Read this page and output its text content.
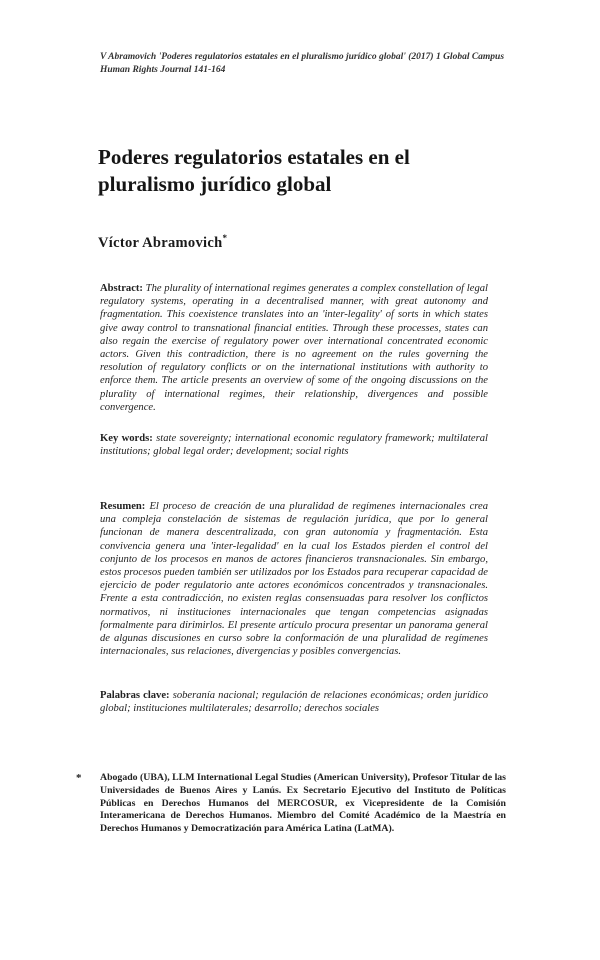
V Abramovich 'Poderes regulatorios estatales en el pluralismo jurídico global' (2017) 1 Global Campus Human Rights Journal 141-164
Poderes regulatorios estatales en el pluralismo jurídico global
Víctor Abramovich*
Abstract: The plurality of international regimes generates a complex constellation of legal regulatory systems, operating in a decentralised manner, with great autonomy and fragmentation. This coexistence translates into an 'inter-legality' of sorts in which states give away control to transnational financial entities. Through these processes, states can also regain the exercise of regulatory power over international concentrated economic actors. Given this contradiction, there is no agreement on the rules governing the resolution of regulatory conflicts or on the international institutions with authority to enforce them. The article presents an overview of some of the ongoing discussions on the plurality of international regimes, their relationship, divergences and possible convergence.
Key words: state sovereignty; international economic regulatory framework; multilateral institutions; global legal order; development; social rights
Resumen: El proceso de creación de una pluralidad de regímenes internacionales crea una compleja constelación de sistemas de regulación jurídica, que por lo general funcionan de manera descentralizada, con gran autonomía y fragmentación. Esta convivencia genera una 'inter-legalidad' en la cual los Estados pierden el control del conjunto de los procesos en manos de actores financieros transnacionales. Sin embargo, estos procesos pueden también ser utilizados por los Estados para recuperar capacidad de ejercicio de poder regulatorio ante actores económicos concentrados y transnacionales. Frente a esta contradicción, no existen reglas consensuadas para resolver los conflictos normativos, ni instituciones internacionales que tengan competencias asignadas formalmente para dirimirlos. El presente artículo procura presentar un panorama general de algunas discusiones en curso sobre la conformación de una pluralidad de regímenes internacionales, sus relaciones, divergencias y posibles convergencias.
Palabras clave: soberanía nacional; regulación de relaciones económicas; orden jurídico global; instituciones multilaterales; desarrollo; derechos sociales
* Abogado (UBA), LLM International Legal Studies (American University), Profesor Titular de las Universidades de Buenos Aires y Lanús. Ex Secretario Ejecutivo del Instituto de Políticas Públicas en Derechos Humanos del MERCOSUR, ex Vicepresidente de la Comisión Interamericana de Derechos Humanos. Miembro del Comité Académico de la Maestría en Derechos Humanos y Democratización para América Latina (LatMA).
